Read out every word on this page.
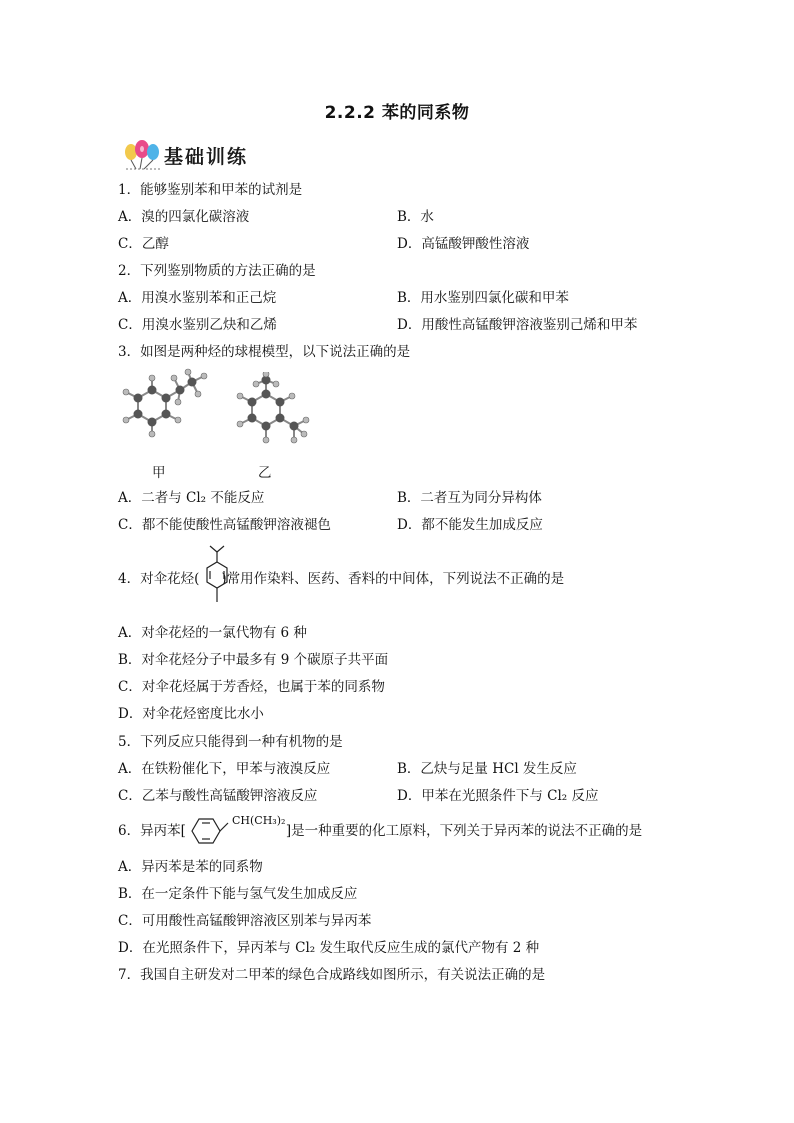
2.2.2 苯的同系物
基础训练
1．能够鉴别苯和甲苯的试剂是
A．溴的四氯化碳溶液	B．水
C．乙醇	D．高锰酸钾酸性溶液
2．下列鉴别物质的方法正确的是
A．用溴水鉴别苯和正己烷	B．用水鉴别四氯化碳和甲苯
C．用溴水鉴别乙炔和乙烯	D．用酸性高锰酸钾溶液鉴别己烯和甲苯
3．如图是两种烃的球棍模型，以下说法正确的是
甲	乙
A．二者与 Cl₂ 不能反应	B．二者互为同分异构体
C．都不能使酸性高锰酸钾溶液褪色	D．都不能发生加成反应
4．对伞花烃( )常用作染料、医药、香料的中间体，下列说法不正确的是
A．对伞花烃的一氯代物有 6 种
B．对伞花烃分子中最多有 9 个碳原子共平面
C．对伞花烃属于芳香烃，也属于苯的同系物
D．对伞花烃密度比水小
5．下列反应只能得到一种有机物的是
A．在铁粉催化下，甲苯与液溴反应	B．乙炔与足量 HCl 发生反应
C．乙苯与酸性高锰酸钾溶液反应	D．甲苯在光照条件下与 Cl₂ 反应
6．异丙苯[	]是一种重要的化工原料，下列关于异丙苯的说法不正确的是
CH(CH₃)₂
A．异丙苯是苯的同系物
B．在一定条件下能与氢气发生加成反应
C．可用酸性高锰酸钾溶液区别苯与异丙苯
D．在光照条件下，异丙苯与 Cl₂ 发生取代反应生成的氯代产物有 2 种
7．我国自主研发对二甲苯的绿色合成路线如图所示，有关说法正确的是
